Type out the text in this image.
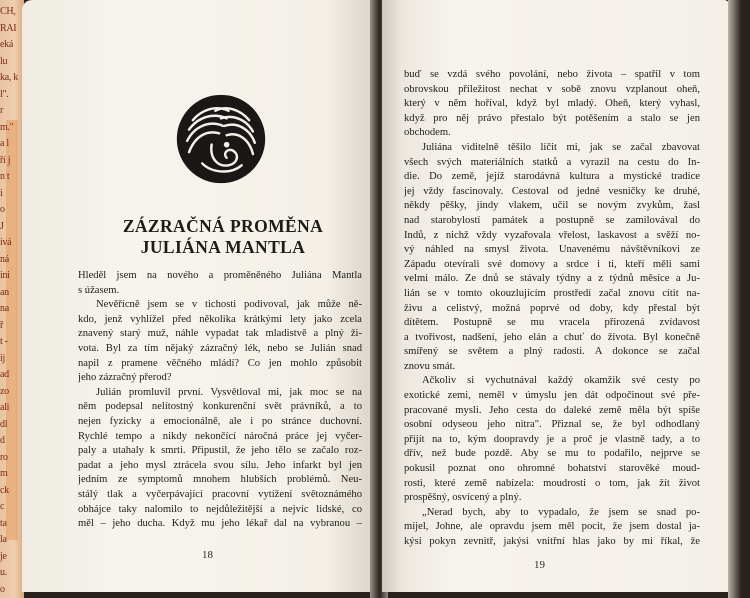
CH,
RAI
eká
lu
ka, k
l".
r
m."
a l
ří j
n t
i
o
J
ivá
ná
ini
an
na
ř
t -
ij
ad
zo
ali
dl
d
ro
m
ck
c
ta
la
je
u.
o
ZÁZRAČNÁ PROMĚNA
JULIÁNA MANTLA
Hleděl jsem na nového a proměněného Juliána Mantla
s úžasem.
Nevěřícně jsem se v tichosti podivoval, jak může ně-
kdo, jenž vyhlížel před několika krátkými lety jako zcela
znavený starý muž, náhle vypadat tak mladistvě a plný ži-
vota. Byl za tím nějaký zázračný lék, nebo se Julián snad
napil z pramene věčného mládí? Co jen mohlo způsobit
jeho zázračný přerod?
Julián promluvil první. Vysvětloval mi, jak moc se na
něm podepsal nelítostný konkurenční svět právníků, a to
nejen fyzicky a emocionálně, ale i po stránce duchovní.
Rychlé tempo a nikdy nekončící náročná práce jej vyčer-
paly a utahaly k smrti. Připustil, že jeho tělo se začalo roz-
padat a jeho mysl ztrácela svou sílu. Jeho infarkt byl jen
jedním ze symptomů mnohem hlubších problémů. Neu-
stálý tlak a vyčerpávající pracovní vytížení světoznámého
obhájce taky nalomilo to nejdůležitější a nejvíc lidské, co
měl – jeho ducha. Když mu jeho lékař dal na vybranou –
18
buď se vzdá svého povolání, nebo života – spatřil v tom
obrovskou příležitost nechat v sobě znovu vzplanout oheň,
který v něm hoříval, když byl mladý. Oheň, který vyhasl,
když pro něj právo přestalo být potěšením a stalo se jen
obchodem.
Juliána viditelně těšilo líčit mi, jak se začal zbavovat
všech svých materiálních statků a vyrazil na cestu do In-
die. Do země, jejíž starodávná kultura a mystické tradice
jej vždy fascinovaly. Cestoval od jedné vesničky ke druhé,
někdy pěšky, jindy vlakem, učil se novým zvykům, žasl
nad starobylostí památek a postupně se zamilovával do
Indů, z nichž vždy vyzařovala vřelost, laskavost a svěží no-
vý náhled na smysl života. Unavenému návštěvníkovi ze
Západu otevírali své domovy a srdce i ti, kteří měli sami
velmi málo. Ze dnů se stávaly týdny a z týdnů měsíce a Ju-
lián se v tomto okouzlujícím prostředí začal znovu cítit na-
živu a celistvý, možná poprvé od doby, kdy přestal být
dítětem. Postupně se mu vracela přirozená zvídavost
a tvořivost, nadšení, jeho elán a chuť do života. Byl konečně
smířený se světem a plný radosti. A dokonce se začal
znovu smát.
Ačkoliv si vychutnával každý okamžik své cesty po
exotické zemi, neměl v úmyslu jen dát odpočinout své pře-
pracované mysli. Jeho cesta do daleké země měla být spíše
osobní odyseou jeho nitra". Přiznal se, že byl odhodlaný
přijít na to, kým doopravdy je a proč je vlastně tady, a to
dřív, než bude pozdě. Aby se mu to podařilo, nejprve se
pokusil poznat ono ohromné bohatství starověké moud-
rosti, které země nabízela: moudrosti o tom, jak žít život
prospěšný, osvícený a plný.
„Nerad bych, aby to vypadalo, že jsem se snad po-
míjel, Johne, ale opravdu jsem měl pocit, že jsem dostal ja-
kýsi pokyn zevnitř, jakýsi vnitřní hlas jako by mi říkal, že
19
